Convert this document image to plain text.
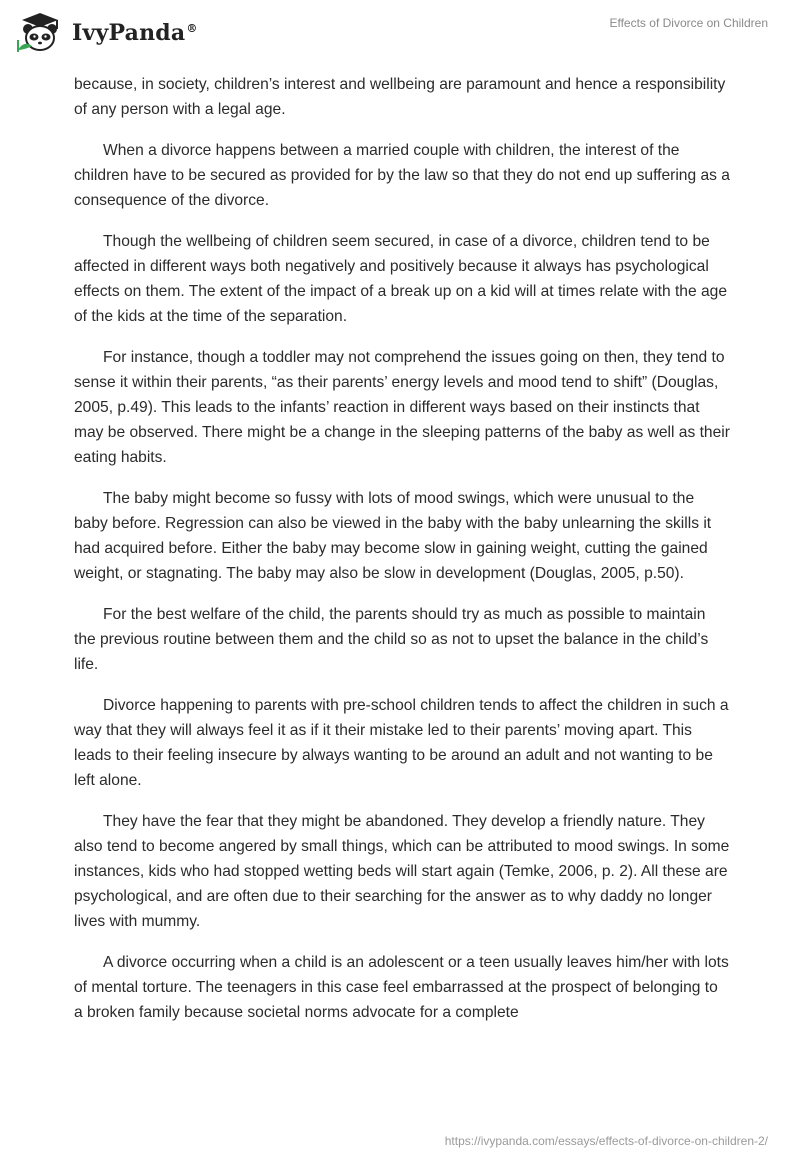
IvyPanda®	Effects of Divorce on Children

because, in society, children’s interest and wellbeing are paramount and hence a responsibility of any person with a legal age.

When a divorce happens between a married couple with children, the interest of the children have to be secured as provided for by the law so that they do not end up suffering as a consequence of the divorce.

Though the wellbeing of children seem secured, in case of a divorce, children tend to be affected in different ways both negatively and positively because it always has psychological effects on them. The extent of the impact of a break up on a kid will at times relate with the age of the kids at the time of the separation.

For instance, though a toddler may not comprehend the issues going on then, they tend to sense it within their parents, “as their parents’ energy levels and mood tend to shift” (Douglas, 2005, p.49). This leads to the infants’ reaction in different ways based on their instincts that may be observed. There might be a change in the sleeping patterns of the baby as well as their eating habits.

The baby might become so fussy with lots of mood swings, which were unusual to the baby before. Regression can also be viewed in the baby with the baby unlearning the skills it had acquired before. Either the baby may become slow in gaining weight, cutting the gained weight, or stagnating. The baby may also be slow in development (Douglas, 2005, p.50).

For the best welfare of the child, the parents should try as much as possible to maintain the previous routine between them and the child so as not to upset the balance in the child’s life.

Divorce happening to parents with pre-school children tends to affect the children in such a way that they will always feel it as if it their mistake led to their parents’ moving apart. This leads to their feeling insecure by always wanting to be around an adult and not wanting to be left alone.

They have the fear that they might be abandoned. They develop a friendly nature. They also tend to become angered by small things, which can be attributed to mood swings. In some instances, kids who had stopped wetting beds will start again (Temke, 2006, p. 2). All these are psychological, and are often due to their searching for the answer as to why daddy no longer lives with mummy.

A divorce occurring when a child is an adolescent or a teen usually leaves him/her with lots of mental torture. The teenagers in this case feel embarrassed at the prospect of belonging to a broken family because societal norms advocate for a complete

https://ivypanda.com/essays/effects-of-divorce-on-children-2/
